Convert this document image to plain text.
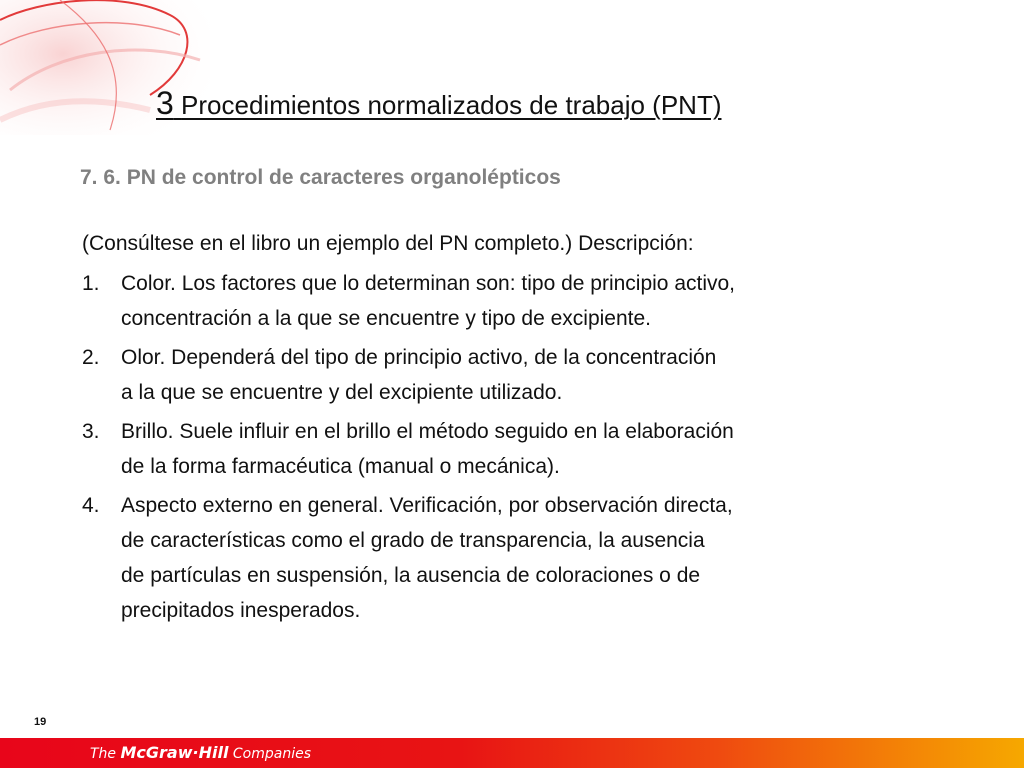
3 Procedimientos normalizados de trabajo (PNT)
7. 6. PN de control de caracteres organolépticos
(Consúltese en el libro un ejemplo del PN completo.) Descripción:
1.	Color. Los factores que lo determinan son: tipo de principio activo,
concentración a la que se encuentre y tipo de excipiente.
2.	Olor. Dependerá del tipo de principio activo, de la concentración
a la que se encuentre y del excipiente utilizado.
3.	Brillo. Suele influir en el brillo el método seguido en la elaboración
de la forma farmacéutica (manual o mecánica).
4.	Aspecto externo en general. Verificación, por observación directa,
de características como el grado de transparencia, la ausencia
de partículas en suspensión, la ausencia de coloraciones o de
precipitados inesperados.
19
The McGraw·Hill Companies
